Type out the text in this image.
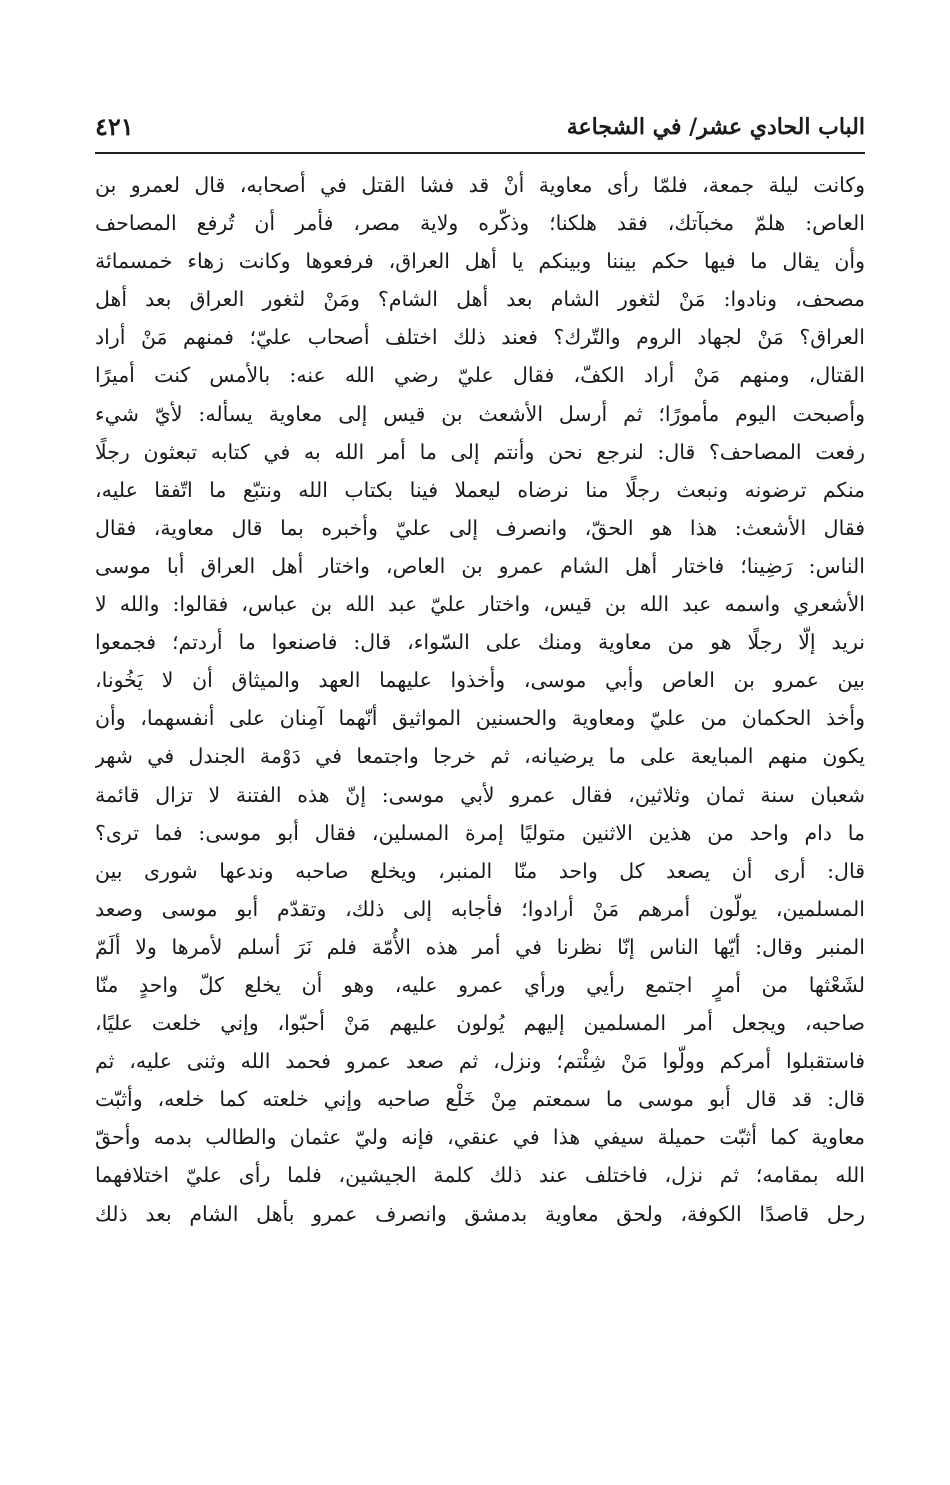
الباب الحادي عشر/ في الشجاعة
٤٢١
وكانت ليلة جمعة، فلمّا رأى معاوية أنْ قد فشا القتل في أصحابه، قال لعمرو بن
العاص: هلمّ مخبآتك، فقد هلكنا؛ وذكّره ولاية مصر، فأمر أن تُرفع المصاحف
وأن يقال ما فيها حكم بيننا وبينكم يا أهل العراق، فرفعوها وكانت زهاء خمسمائة
مصحف، ونادوا: مَنْ لثغور الشام بعد أهل الشام؟ ومَنْ لثغور العراق بعد أهل
العراق؟ مَنْ لجهاد الروم والتّرك؟ فعند ذلك اختلف أصحاب عليّ؛ فمنهم مَنْ أراد
القتال، ومنهم مَنْ أراد الكفّ، فقال عليّ رضي الله عنه: بالأمس كنت أميرًا
وأصبحت اليوم مأمورًا؛ ثم أرسل الأشعث بن قيس إلى معاوية يسأله: لأيّ شيء
رفعت المصاحف؟ قال: لنرجع نحن وأنتم إلى ما أمر الله به في كتابه تبعثون رجلًا
منكم ترضونه ونبعث رجلًا منا نرضاه ليعملا فينا بكتاب الله ونتبّع ما اتّفقا عليه،
فقال الأشعث: هذا هو الحقّ، وانصرف إلى عليّ وأخبره بما قال معاوية، فقال
الناس: رَضِينا؛ فاختار أهل الشام عمرو بن العاص، واختار أهل العراق أبا موسى
الأشعري واسمه عبد الله بن قيس، واختار عليّ عبد الله بن عباس، فقالوا: والله لا
نريد إلّا رجلًا هو من معاوية ومنك على السّواء، قال: فاصنعوا ما أردتم؛ فجمعوا
بين عمرو بن العاص وأبي موسى، وأخذوا عليهما العهد والميثاق أن لا يَخُونا،
وأخذ الحكمان من عليّ ومعاوية والحسنين المواثيق أنّهما آمِنان على أنفسهما، وأن
يكون منهم المبايعة على ما يرضيانه، ثم خرجا واجتمعا في دَوْمة الجندل في شهر
شعبان سنة ثمان وثلاثين، فقال عمرو لأبي موسى: إنّ هذه الفتنة لا تزال قائمة
ما دام واحد من هذين الاثنين متوليًا إمرة المسلين، فقال أبو موسى: فما ترى؟
قال: أرى أن يصعد كل واحد منّا المنبر، ويخلع صاحبه وندعها شورى بين
المسلمين، يولّون أمرهم مَنْ أرادوا؛ فأجابه إلى ذلك، وتقدّم أبو موسى وصعد
المنبر وقال: أيّها الناس إنّا نظرنا في أمر هذه الأُمّة فلم نَرَ أسلم لأمرها ولا ألَمّ
لشَعْثها من أمرٍ اجتمع رأيي ورأي عمرو عليه، وهو أن يخلع كلّ واحدٍ منّا
صاحبه، ويجعل أمر المسلمين إليهم يُولون عليهم مَنْ أحبّوا، وإني خلعت عليًا،
فاستقبلوا أمركم وولّوا مَنْ شِئْتم؛ ونزل، ثم صعد عمرو فحمد الله وثنى عليه، ثم
قال: قد قال أبو موسى ما سمعتم مِنْ خَلْع صاحبه وإني خلعته كما خلعه، وأثبّت
معاوية كما أثبّت حميلة سيفي هذا في عنقي، فإنه وليّ عثمان والطالب بدمه وأحقّ
الله بمقامه؛ ثم نزل، فاختلف عند ذلك كلمة الجيشين، فلما رأى عليّ اختلافهما
رحل قاصدًا الكوفة، ولحق معاوية بدمشق وانصرف عمرو بأهل الشام بعد ذلك
